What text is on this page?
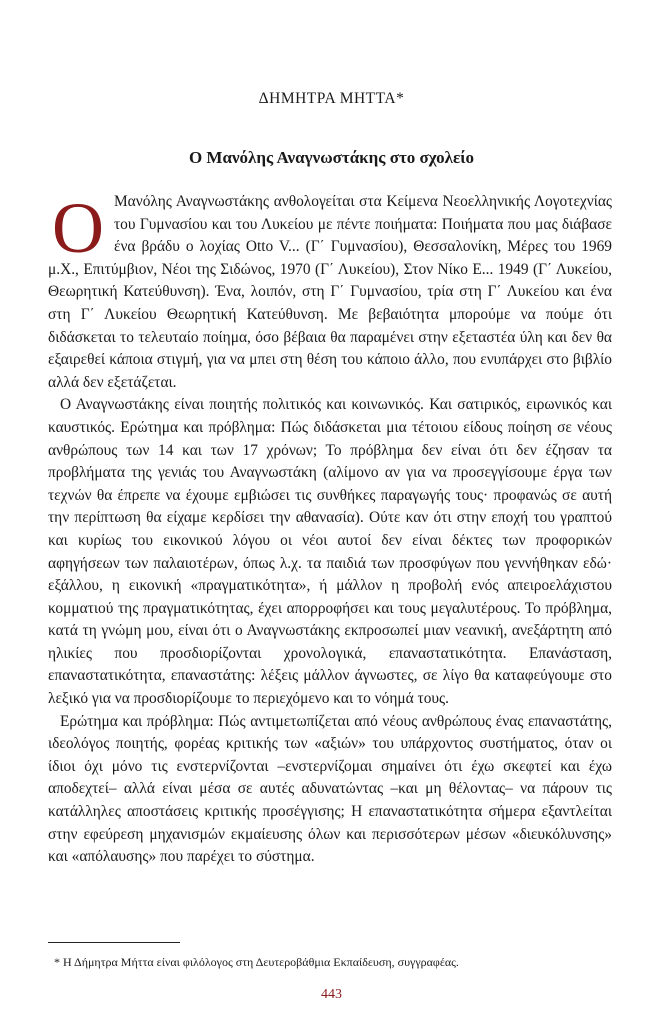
ΔΗΜΗΤΡΑ ΜΗΤΤΑ*
Ο Μανόλης Αναγνωστάκης στο σχολείο

Ο Μανόλης Αναγνωστάκης ανθολογείται στα Κείμενα Νεοελληνικής Λογοτεχνίας του Γυμνασίου και του Λυκείου με πέντε ποιήματα: Ποιήματα που μας διάβασε ένα βράδυ ο λοχίας Otto V... (Γ΄ Γυμνασίου), Θεσσαλονίκη, Μέρες του 1969 μ.Χ., Επιτύμβιον, Νέοι της Σιδώνος, 1970 (Γ΄ Λυκείου), Στον Νίκο Ε... 1949 (Γ΄ Λυκείου, Θεωρητική Κατεύθυνση). Ένα, λοιπόν, στη Γ΄ Γυμνασίου, τρία στη Γ΄ Λυκείου και ένα στη Γ΄ Λυκείου Θεωρητική Κατεύθυνση. Με βεβαιότητα μπορούμε να πούμε ότι διδάσκεται το τελευταίο ποίημα, όσο βέβαια θα παραμένει στην εξεταστέα ύλη και δεν θα εξαιρεθεί κάποια στιγμή, για να μπει στη θέση του κάποιο άλλο, που ενυπάρχει στο βιβλίο αλλά δεν εξετάζεται.

Ο Αναγνωστάκης είναι ποιητής πολιτικός και κοινωνικός. Και σατιρικός, ειρωνικός και καυστικός. Ερώτημα και πρόβλημα: Πώς διδάσκεται μια τέτοιου είδους ποίηση σε νέους ανθρώπους των 14 και των 17 χρόνων; Το πρόβλημα δεν είναι ότι δεν έζησαν τα προβλήματα της γενιάς του Αναγνωστάκη (αλίμονο αν για να προσεγγίσουμε έργα των τεχνών θα έπρεπε να έχουμε εμβιώσει τις συνθήκες παραγωγής τους· προφανώς σε αυτή την περίπτωση θα είχαμε κερδίσει την αθανασία). Ούτε καν ότι στην εποχή του γραπτού και κυρίως του εικονικού λόγου οι νέοι αυτοί δεν είναι δέκτες των προφορικών αφηγήσεων των παλαιοτέρων, όπως λ.χ. τα παιδιά των προσφύγων που γεννήθηκαν εδώ· εξάλλου, η εικονική «πραγματικότητα», ή μάλλον η προβολή ενός απειροελάχιστου κομματιού της πραγματικότητας, έχει απορροφήσει και τους μεγαλυτέρους. Το πρόβλημα, κατά τη γνώμη μου, είναι ότι ο Αναγνωστάκης εκπροσωπεί μιαν νεανική, ανεξάρτητη από ηλικίες που προσδιορίζονται χρονολογικά, επαναστατικότητα. Επανάσταση, επαναστατικότητα, επαναστάτης: λέξεις μάλλον άγνωστες, σε λίγο θα καταφεύγουμε στο λεξικό για να προσδιορίζουμε το περιεχόμενο και το νόημά τους.

Ερώτημα και πρόβλημα: Πώς αντιμετωπίζεται από νέους ανθρώπους ένας επαναστάτης, ιδεολόγος ποιητής, φορέας κριτικής των «αξιών» του υπάρχοντος συστήματος, όταν οι ίδιοι όχι μόνο τις ενστερνίζονται –ενστερνίζομαι σημαίνει ότι έχω σκεφτεί και έχω αποδεχτεί– αλλά είναι μέσα σε αυτές αδυνατώντας –και μη θέλοντας– να πάρουν τις κατάλληλες αποστάσεις κριτικής προσέγγισης; Η επαναστατικότητα σήμερα εξαντλείται στην εφεύρεση μηχανισμών εκμαίευσης όλων και περισσότερων μέσων «διευκόλυνσης» και «απόλαυσης» που παρέχει το σύστημα.

* Η Δήμητρα Μήττα είναι φιλόλογος στη Δευτεροβάθμια Εκπαίδευση, συγγραφέας.
443
